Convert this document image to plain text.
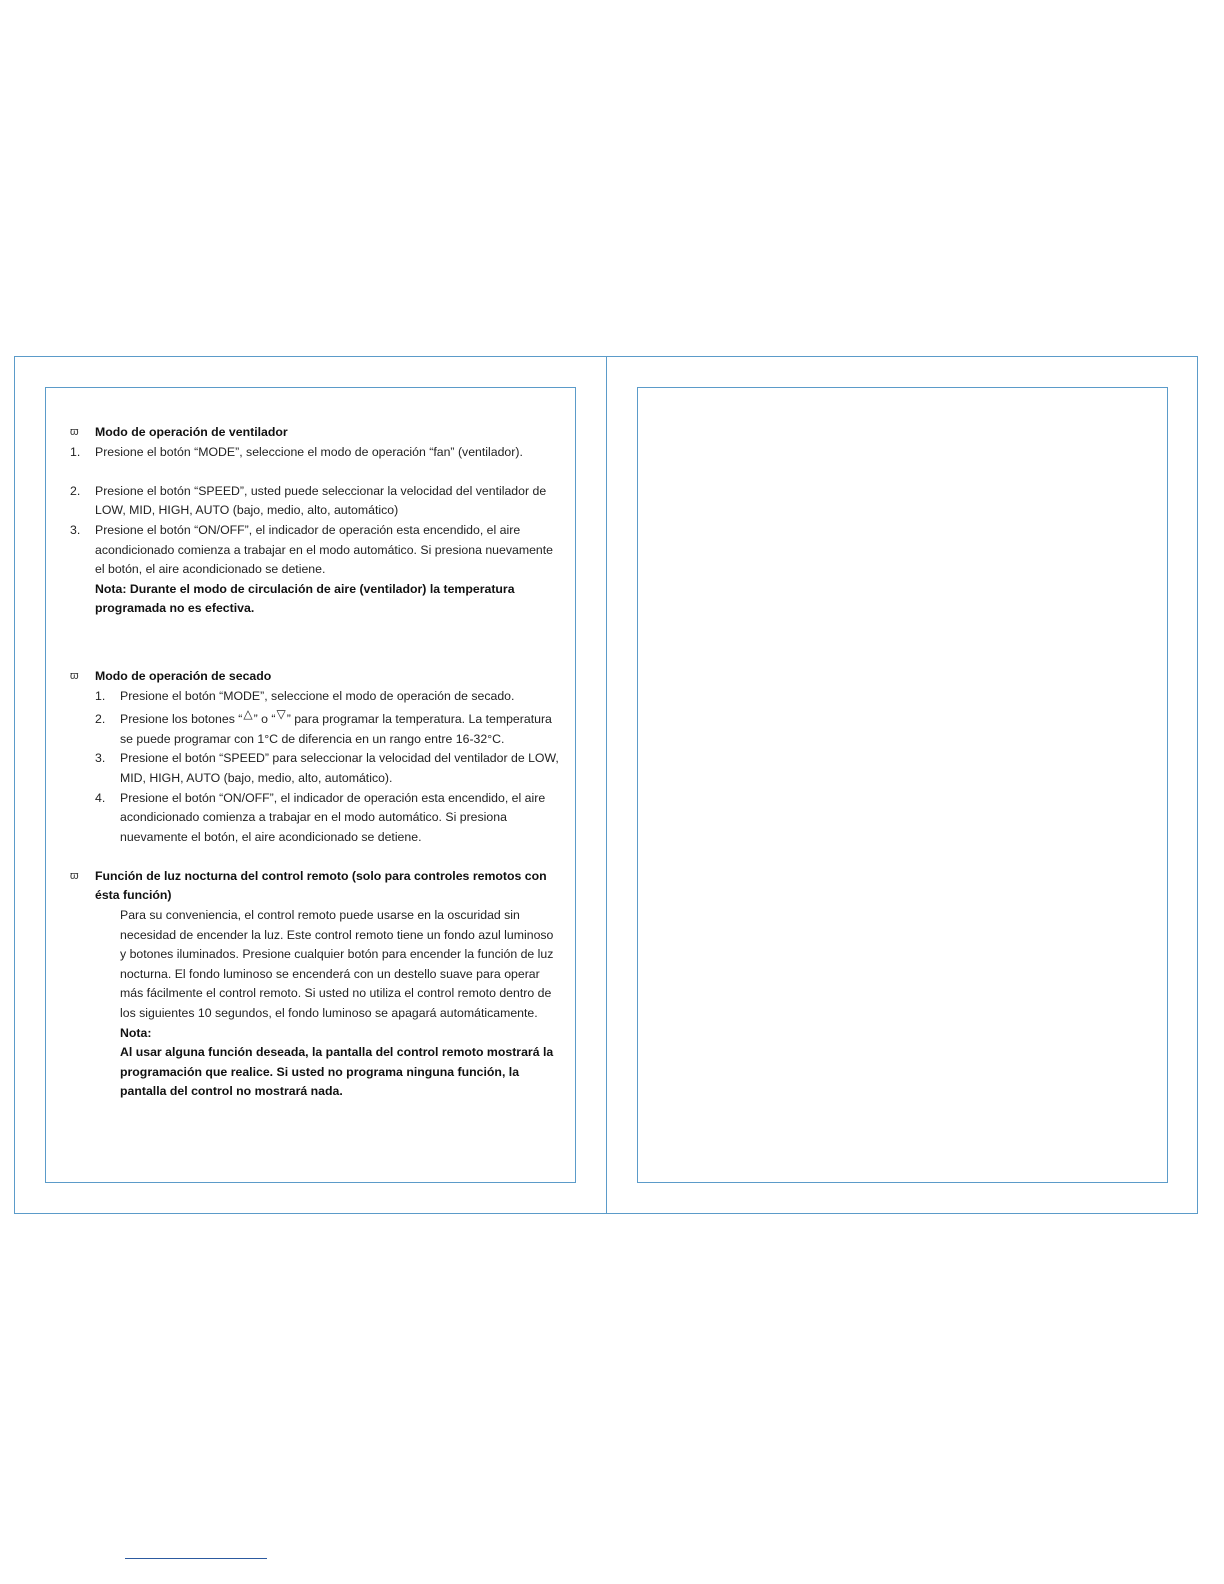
ϖ	Modo de operación de ventilador
1.	Presione el botón “MODE”, seleccione el modo de operación “fan” (ventilador).
2.	Presione el botón “SPEED”, usted puede seleccionar la velocidad del ventilador de LOW, MID, HIGH, AUTO (bajo, medio, alto, automático)
3.	Presione el botón “ON/OFF”, el indicador de operación esta encendido, el aire acondicionado comienza a trabajar en el modo automático. Si presiona nuevamente el botón, el aire acondicionado se detiene.
Nota: Durante el modo de circulación de aire (ventilador) la temperatura programada no es efectiva.
ϖ	Modo de operación de secado
1.	Presione el botón “MODE”, seleccione el modo de operación de secado.
2.	Presione los botones “△” o “▽” para programar la temperatura. La temperatura se puede programar con 1°C de diferencia en un rango entre 16-32°C.
3.	Presione el botón “SPEED” para seleccionar la velocidad del ventilador de LOW, MID, HIGH, AUTO (bajo, medio, alto, automático).
4.	Presione el botón “ON/OFF”, el indicador de operación esta encendido, el aire acondicionado comienza a trabajar en el modo automático. Si presiona nuevamente el botón, el aire acondicionado se detiene.
ϖ	Función de luz nocturna del control remoto (solo para controles remotos con ésta función)
Para su conveniencia, el control remoto puede usarse en la oscuridad sin necesidad de encender la luz. Este control remoto tiene un fondo azul luminoso y botones iluminados. Presione cualquier botón para encender la función de luz nocturna. El fondo luminoso se encenderá con un destello suave para operar más fácilmente el control remoto. Si usted no utiliza el control remoto dentro de los siguientes 10 segundos, el fondo luminoso se apagará automáticamente.
Nota:
Al usar alguna función deseada, la pantalla del control remoto mostrará la programación que realice. Si usted no programa ninguna función, la pantalla del control no mostrará nada.
